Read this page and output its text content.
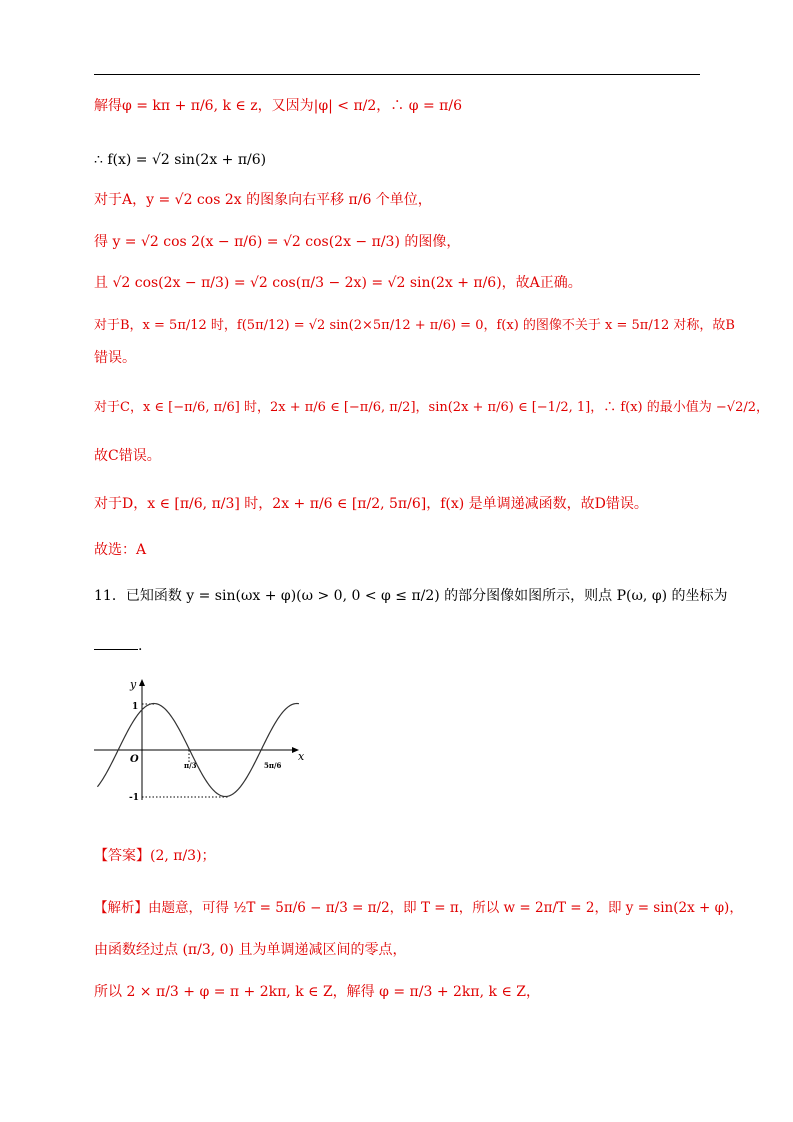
解得φ = kπ + π/6, k ∈ z，又因为|φ| < π/2，∴ φ = π/6
∴ f(x) = √2 sin(2x + π/6)
对于A，y = √2 cos 2x 的图象向右平移 π/6 个单位，
得 y = √2 cos 2(x − π/6) = √2 cos(2x − π/3) 的图像，
且 √2 cos(2x − π/3) = √2 cos(π/3 − 2x) = √2 sin(2x + π/6)，故A正确。
对于B，x = 5π/12 时，f(5π/12) = √2 sin(2×5π/12 + π/6) = 0，f(x) 的图像不关于 x = 5π/12 对称，故B
错误。
对于C，x ∈ [−π/6, π/6] 时，2x + π/6 ∈ [−π/6, π/2]，sin(2x + π/6) ∈ [−1/2, 1]，∴ f(x) 的最小值为 −√2/2，
故C错误。
对于D，x ∈ [π/6, π/3] 时，2x + π/6 ∈ [π/2, 5π/6]，f(x) 是单调递减函数，故D错误。
故选：A
11．已知函数 y = sin(ωx + φ)(ω > 0, 0 < φ ≤ π/2) 的部分图像如图所示，则点 P(ω, φ) 的坐标为
.
y
x
O
1
-1
π/3	5π/6
【答案】(2, π/3)；
【解析】由题意，可得 ½T = 5π/6 − π/3 = π/2，即 T = π，所以 w = 2π/T = 2，即 y = sin(2x + φ)，
由函数经过点 (π/3, 0) 且为单调递减区间的零点，
所以 2 × π/3 + φ = π + 2kπ, k ∈ Z，解得 φ = π/3 + 2kπ, k ∈ Z，
